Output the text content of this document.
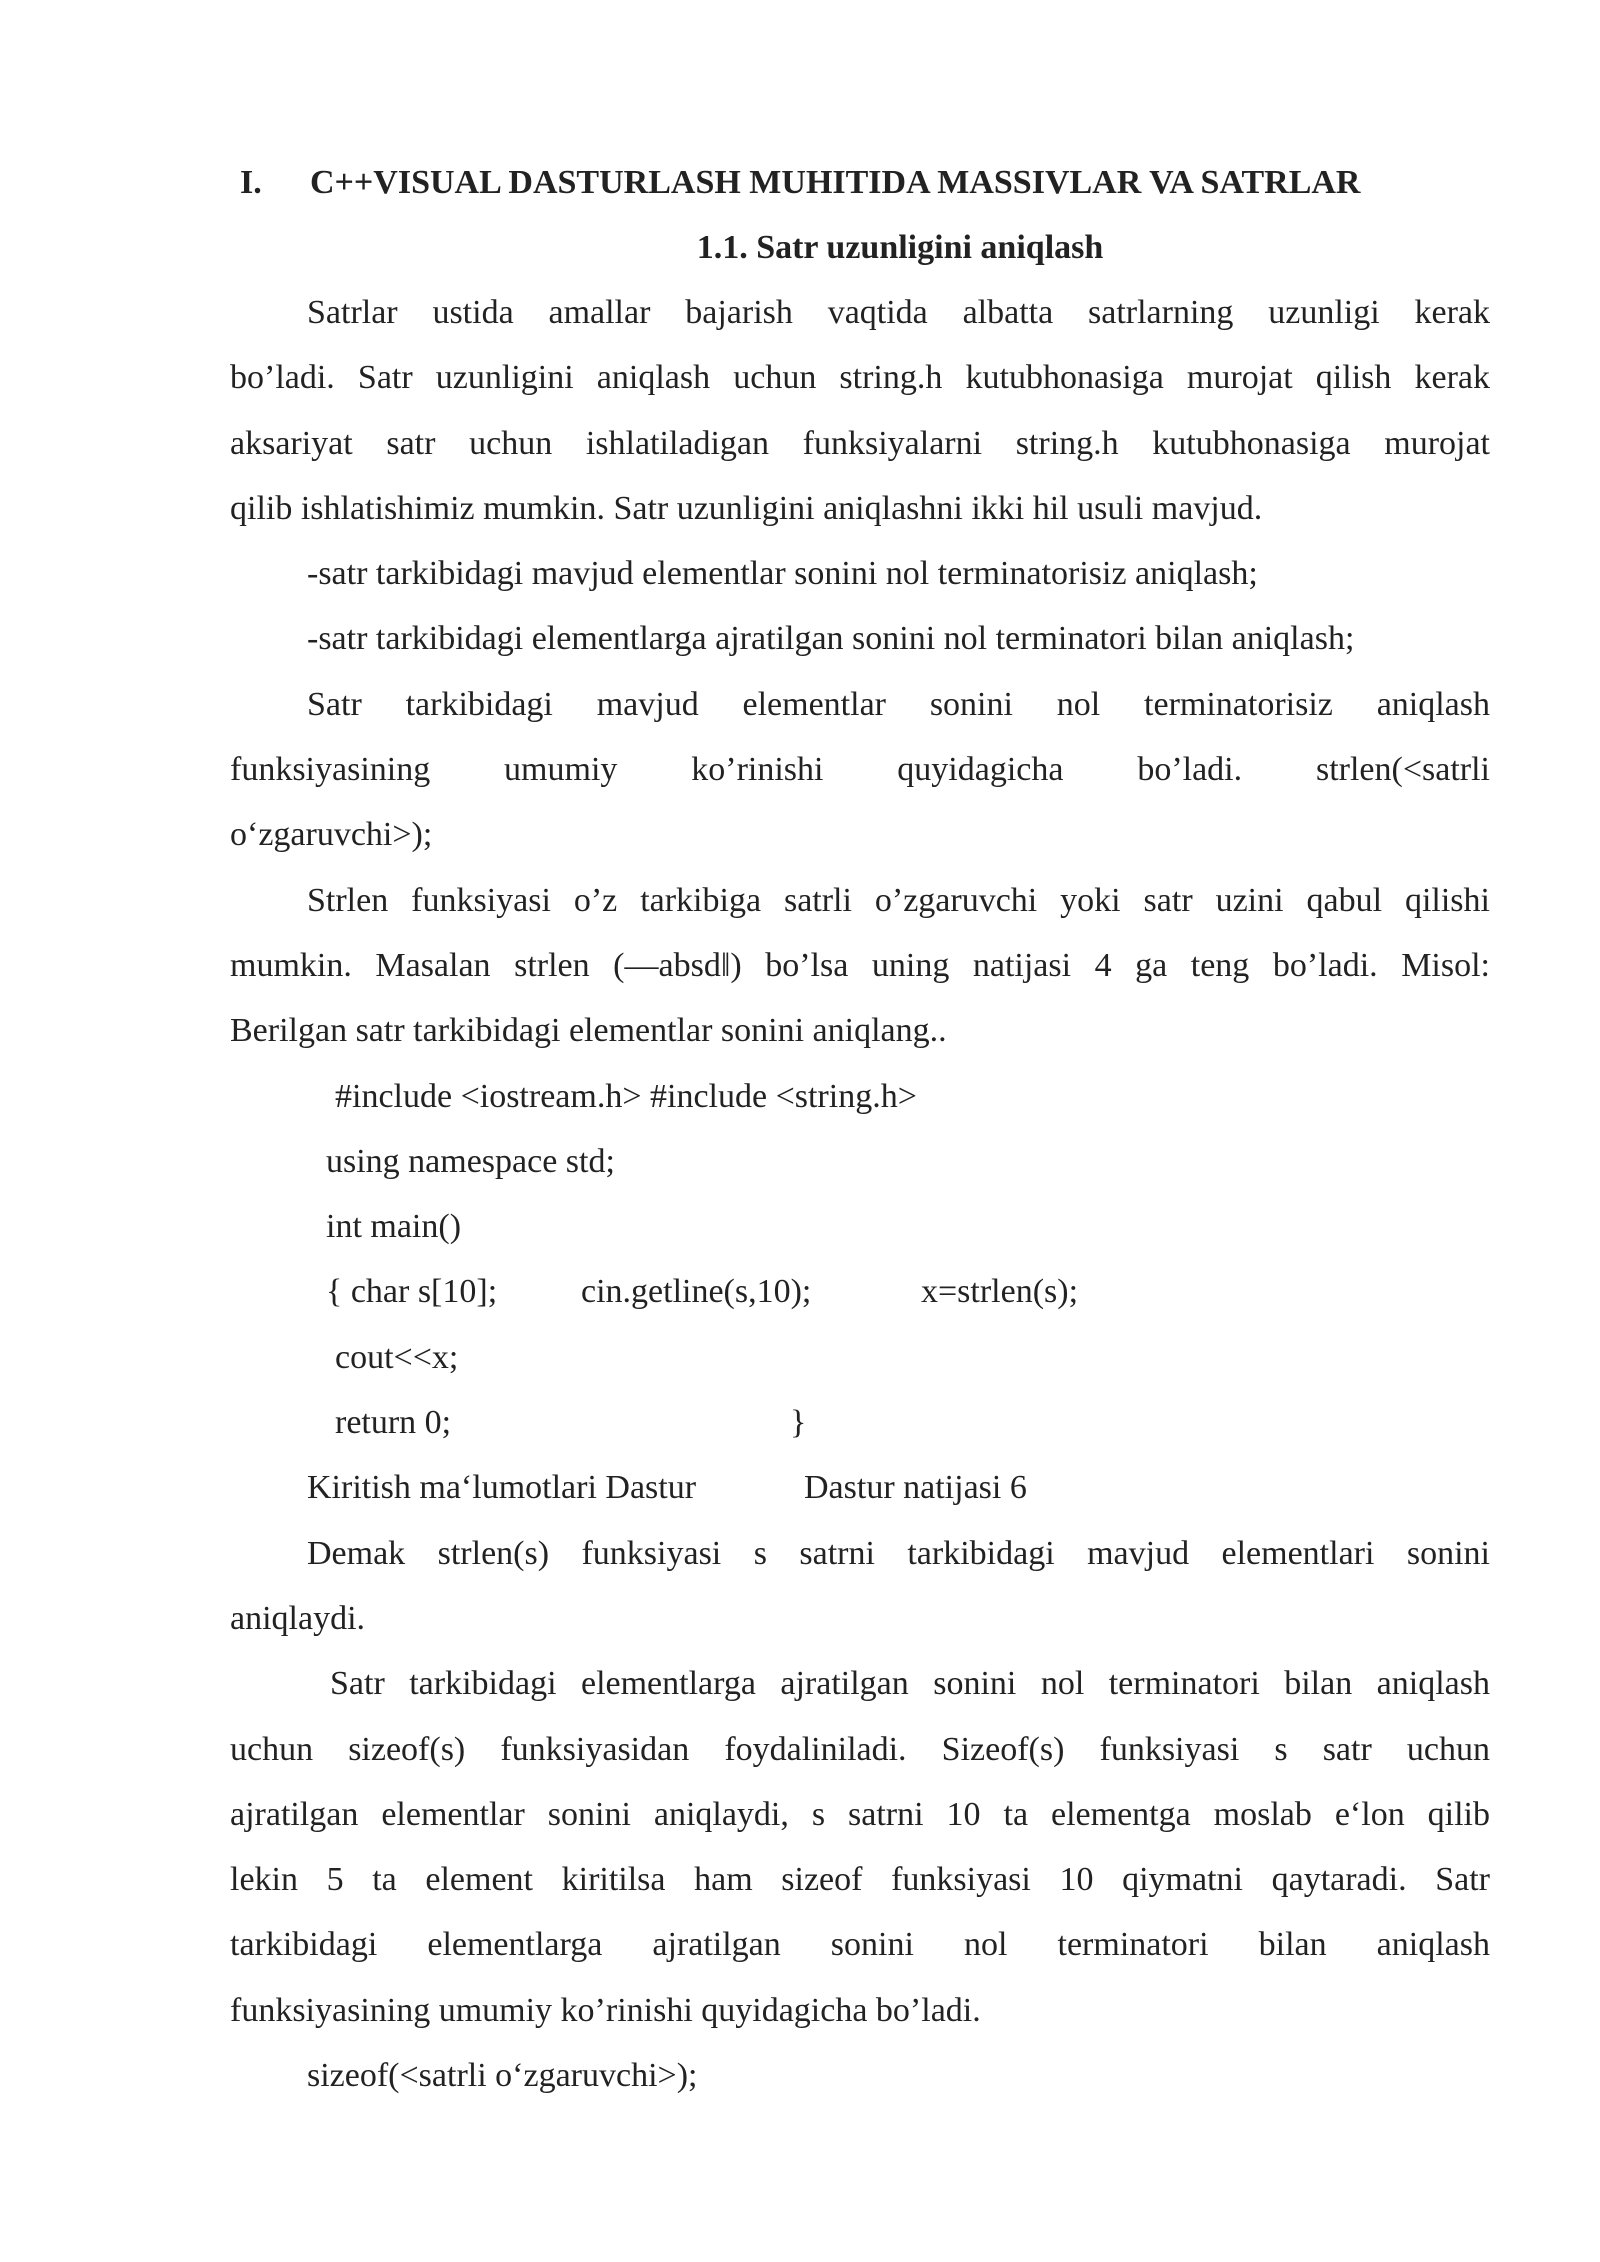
I. C++VISUAL DASTURLASH MUHITIDA MASSIVLAR VA SATRLAR
1.1. Satr uzunligini aniqlash
Satrlar ustida amallar bajarish vaqtida albatta satrlarning uzunligi kerak
bo’ladi. Satr uzunligini aniqlash uchun string.h kutubhonasiga murojat qilish kerak
aksariyat satr uchun ishlatiladigan funksiyalarni string.h kutubhonasiga murojat
qilib ishlatishimiz mumkin. Satr uzunligini aniqlashni ikki hil usuli mavjud.
-satr tarkibidagi mavjud elementlar sonini nol terminatorisiz aniqlash;
-satr tarkibidagi elementlarga ajratilgan sonini nol terminatori bilan aniqlash;
Satr tarkibidagi mavjud elementlar sonini nol terminatorisiz aniqlash
funksiyasining umumiy ko’rinishi quyidagicha bo’ladi. strlen(<satrli
o‘zgaruvchi>);
Strlen funksiyasi o’z tarkibiga satrli o’zgaruvchi yoki satr uzini qabul qilishi
mumkin. Masalan strlen (―absd‖) bo’lsa uning natijasi 4 ga teng bo’ladi. Misol:
Berilgan satr tarkibidagi elementlar sonini aniqlang..
#include <iostream.h> #include <string.h>
using namespace std;
int main()
{ char s[10]; cin.getline(s,10);	x=strlen(s);
cout<<x;
return 0;	}
Kiritish ma‘lumotlari Dastur	Dastur natijasi 6
Demak strlen(s) funksiyasi s satrni tarkibidagi mavjud elementlari sonini
aniqlaydi.
Satr tarkibidagi elementlarga ajratilgan sonini nol terminatori bilan aniqlash
uchun sizeof(s) funksiyasidan foydaliniladi. Sizeof(s) funksiyasi s satr uchun
ajratilgan elementlar sonini aniqlaydi, s satrni 10 ta elementga moslab e‘lon qilib
lekin 5 ta element kiritilsa ham sizeof funksiyasi 10 qiymatni qaytaradi. Satr
tarkibidagi elementlarga ajratilgan sonini nol terminatori bilan aniqlash
funksiyasining umumiy ko’rinishi quyidagicha bo’ladi.
sizeof(<satrli o‘zgaruvchi>);
